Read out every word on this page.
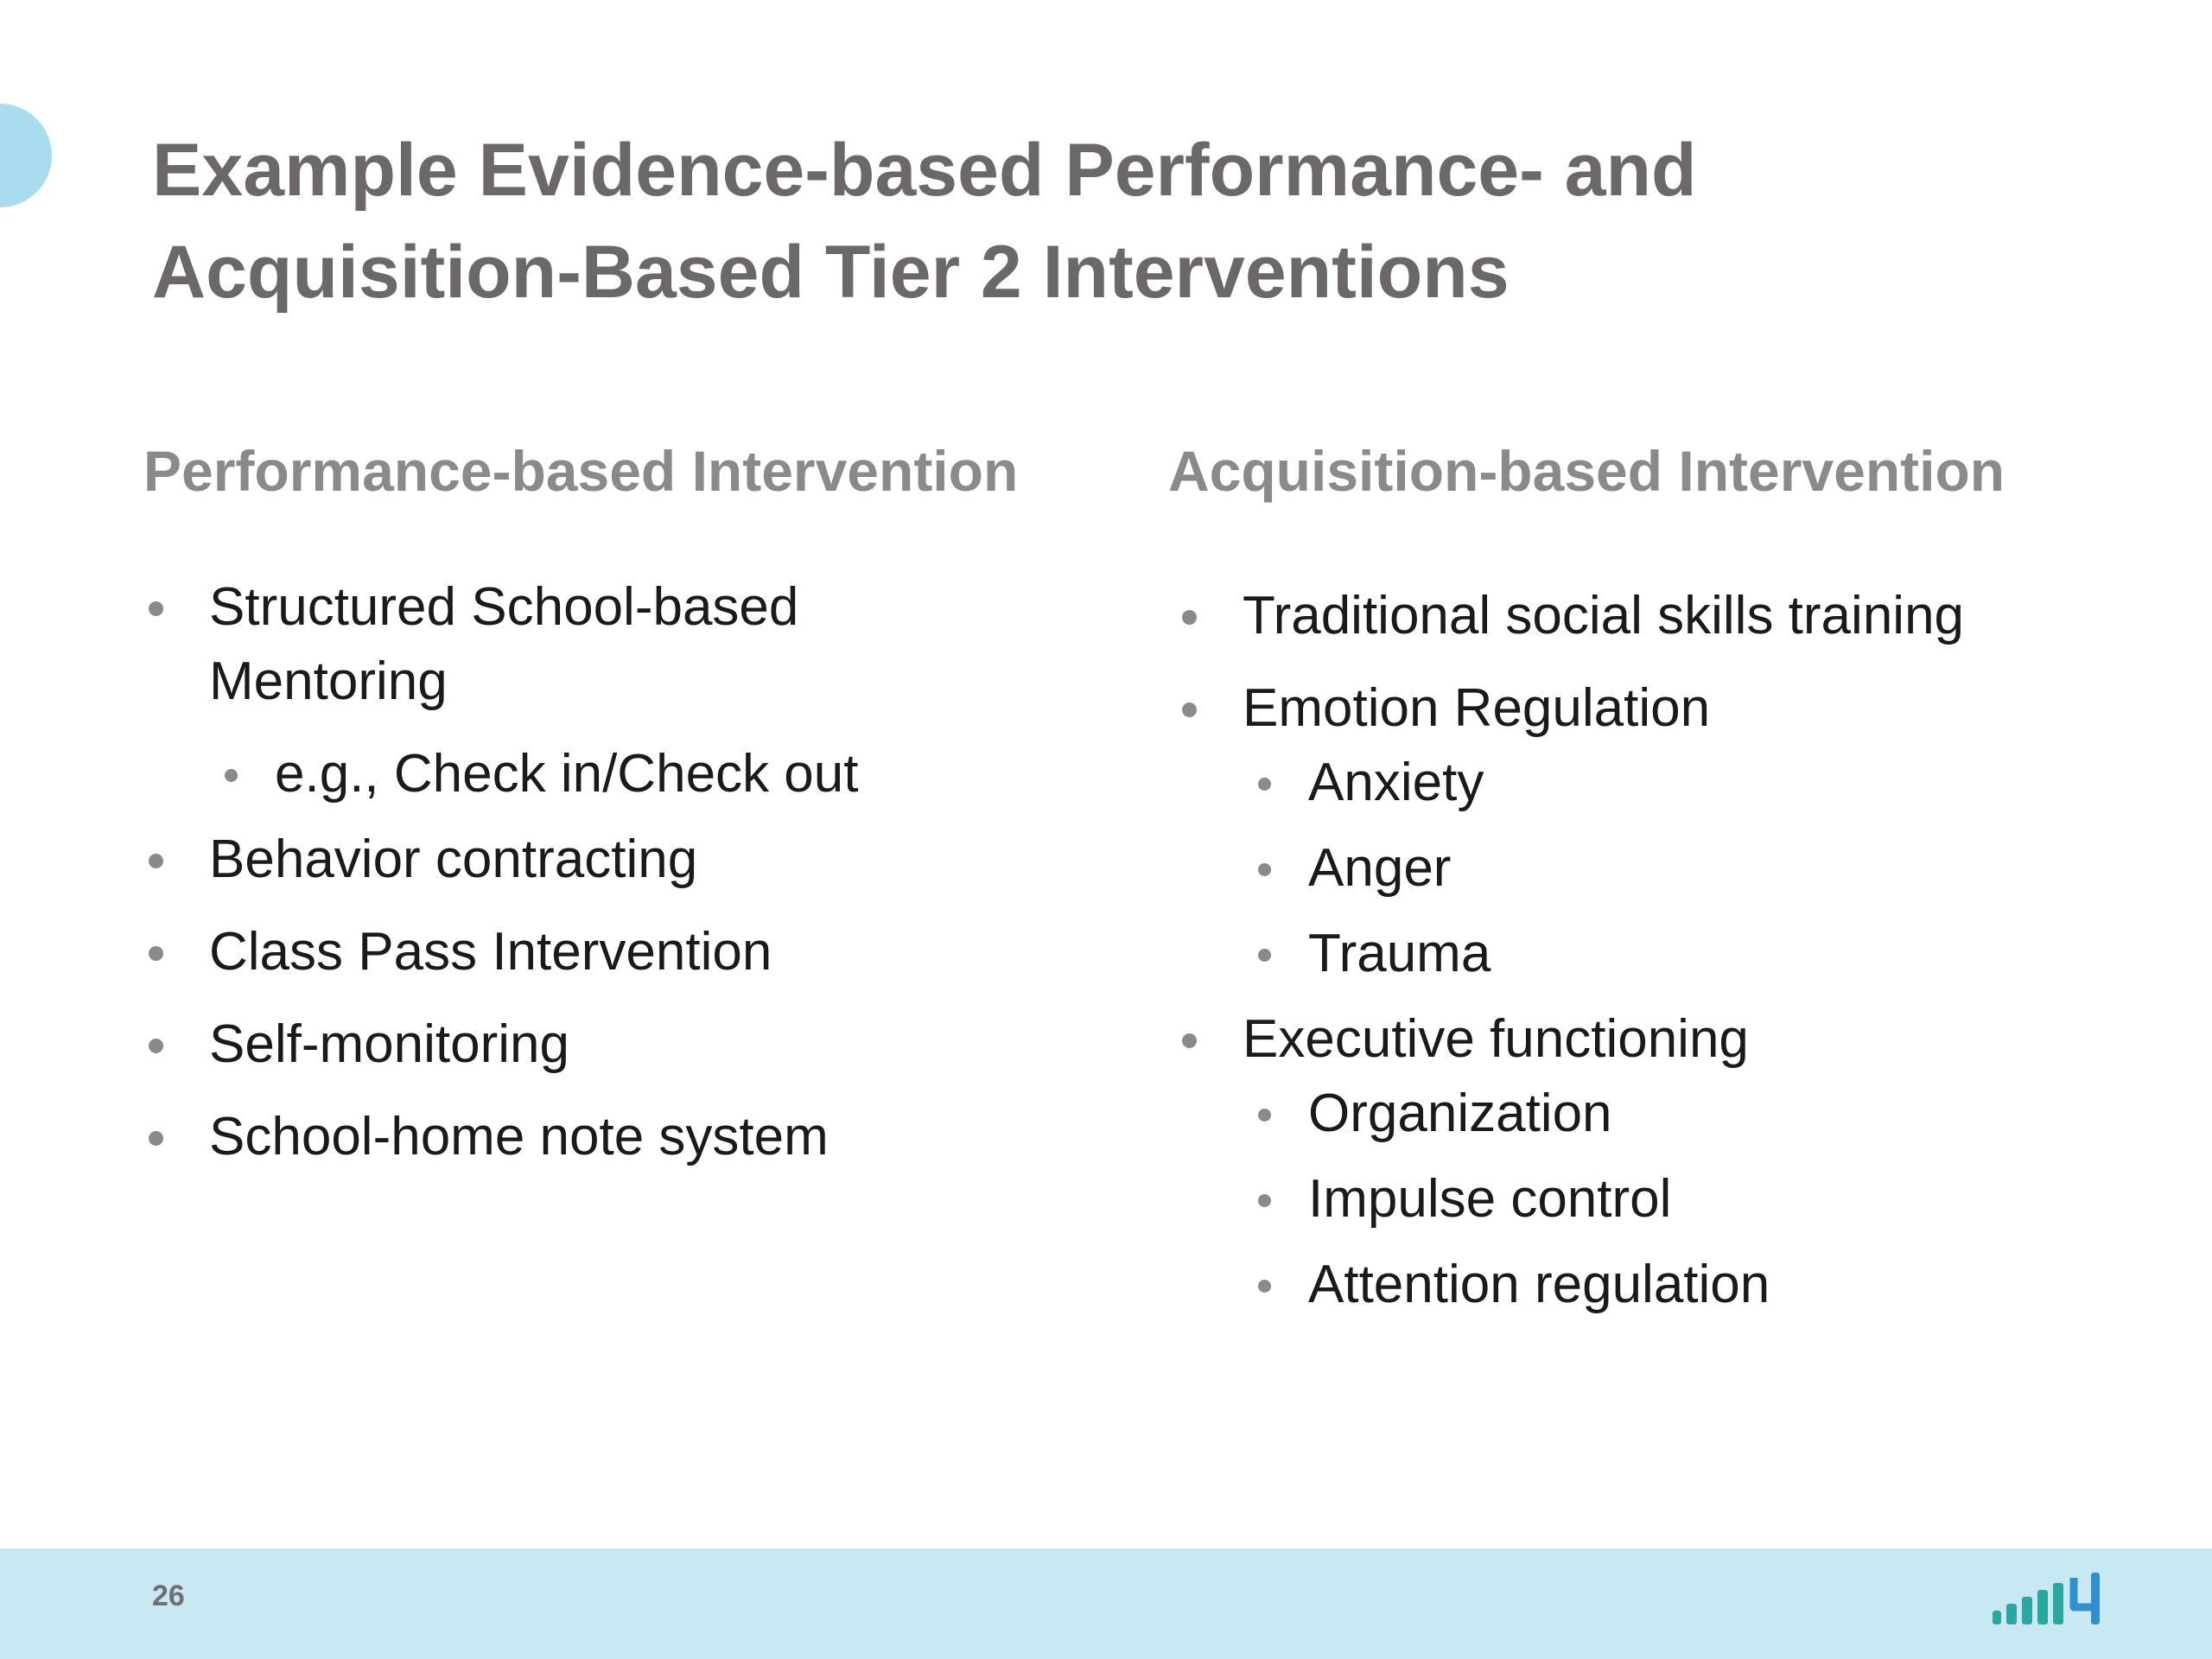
Example Evidence-based Performance- and
Acquisition-Based Tier 2 Interventions
Performance-based Intervention	Acquisition-based Intervention
Structured School-based Mentoring
e.g., Check in/Check out
Behavior contracting
Class Pass Intervention
Self-monitoring
School-home note system
Traditional social skills training
Emotion Regulation
Anxiety
Anger
Trauma
Executive functioning
Organization
Impulse control
Attention regulation

26
